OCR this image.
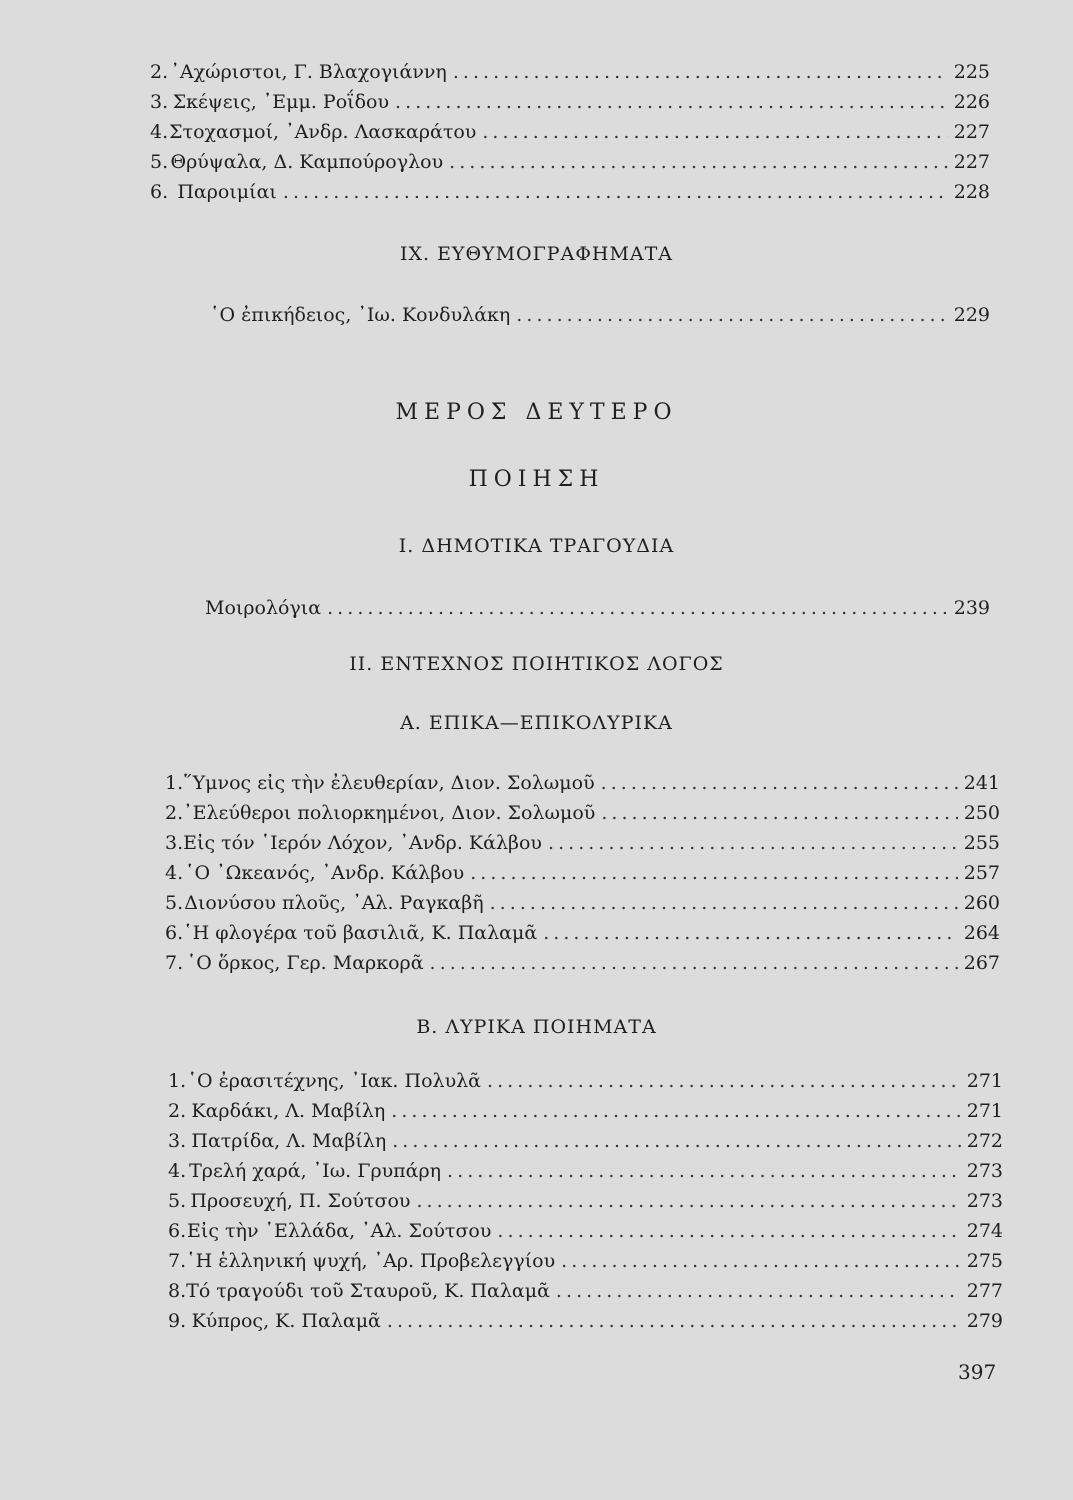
2. ᾿Αχώριστοι, Γ. Βλαχογιάννη . . .	225
3. Σκέψεις, ᾿Εμμ. Ροΐδου . . .	226
4. Στοχασμοί, ᾿Ανδρ. Λασκαράτου . . .	227
5. Θρύψαλα, Δ. Καμπούρογλου . . .	227
6. Παροιμίαι . . .	228
IX. ΕΥΘΥΜΟΓΡΑΦΗΜΑΤΑ
῾Ο ἐπικήδειος, ᾿Ιω. Κονδυλάκη . . .	229
ΜΕΡΟΣ ΔΕΥΤΕΡΟ
ΠΟΙΗΣΗ
I. ΔΗΜΟΤΙΚΑ ΤΡΑΓΟΥΔΙΑ
Μοιρολόγια . . .	239
II. ΕΝΤΕΧΝΟΣ ΠΟΙΗΤΙΚΟΣ ΛΟΓΟΣ
Α. ΕΠΙΚΑ—ΕΠΙΚΟΛΥΡΙΚΑ
1. ῞Υμνος εἰς τὴν ἐλευθερίαν, Διον. Σολωμοῦ . . .	241
2. ᾿Ελεύθεροι πολιορκημένοι, Διον. Σολωμοῦ . . .	250
3. Εἰς τόν ῾Ιερόν Λόχον, ᾿Ανδρ. Κάλβου . . .	255
4. ῾Ο ᾿Ωκεανός, ᾿Ανδρ. Κάλβου . . .	257
5. Διονύσου πλοῦς, ᾿Αλ. Ραγκαβῆ . . .	260
6. ῾Η φλογέρα τοῦ βασιλιᾶ, Κ. Παλαμᾶ . . .	264
7. ῾Ο ὅρκος, Γερ. Μαρκορᾶ . . .	267
Β. ΛΥΡΙΚΑ ΠΟΙΗΜΑΤΑ
1. ῾Ο ἐρασιτέχνης, ᾿Ιακ. Πολυλᾶ . . .	271
2. Καρδάκι, Λ. Μαβίλη . . .	271
3. Πατρίδα, Λ. Μαβίλη . . .	272
4. Τρελή χαρά, ᾿Ιω. Γρυπάρη . . .	273
5. Προσευχή, Π. Σούτσου . . .	273
6. Εἰς τὴν ῾Ελλάδα, ᾿Αλ. Σούτσου . . .	274
7. ῾Η ἑλληνική ψυχή, ᾿Αρ. Προβελεγγίου . . .	275
8. Τό τραγούδι τοῦ Σταυροῦ, Κ. Παλαμᾶ . . .	277
9. Κύπρος, Κ. Παλαμᾶ . . .	279
397
